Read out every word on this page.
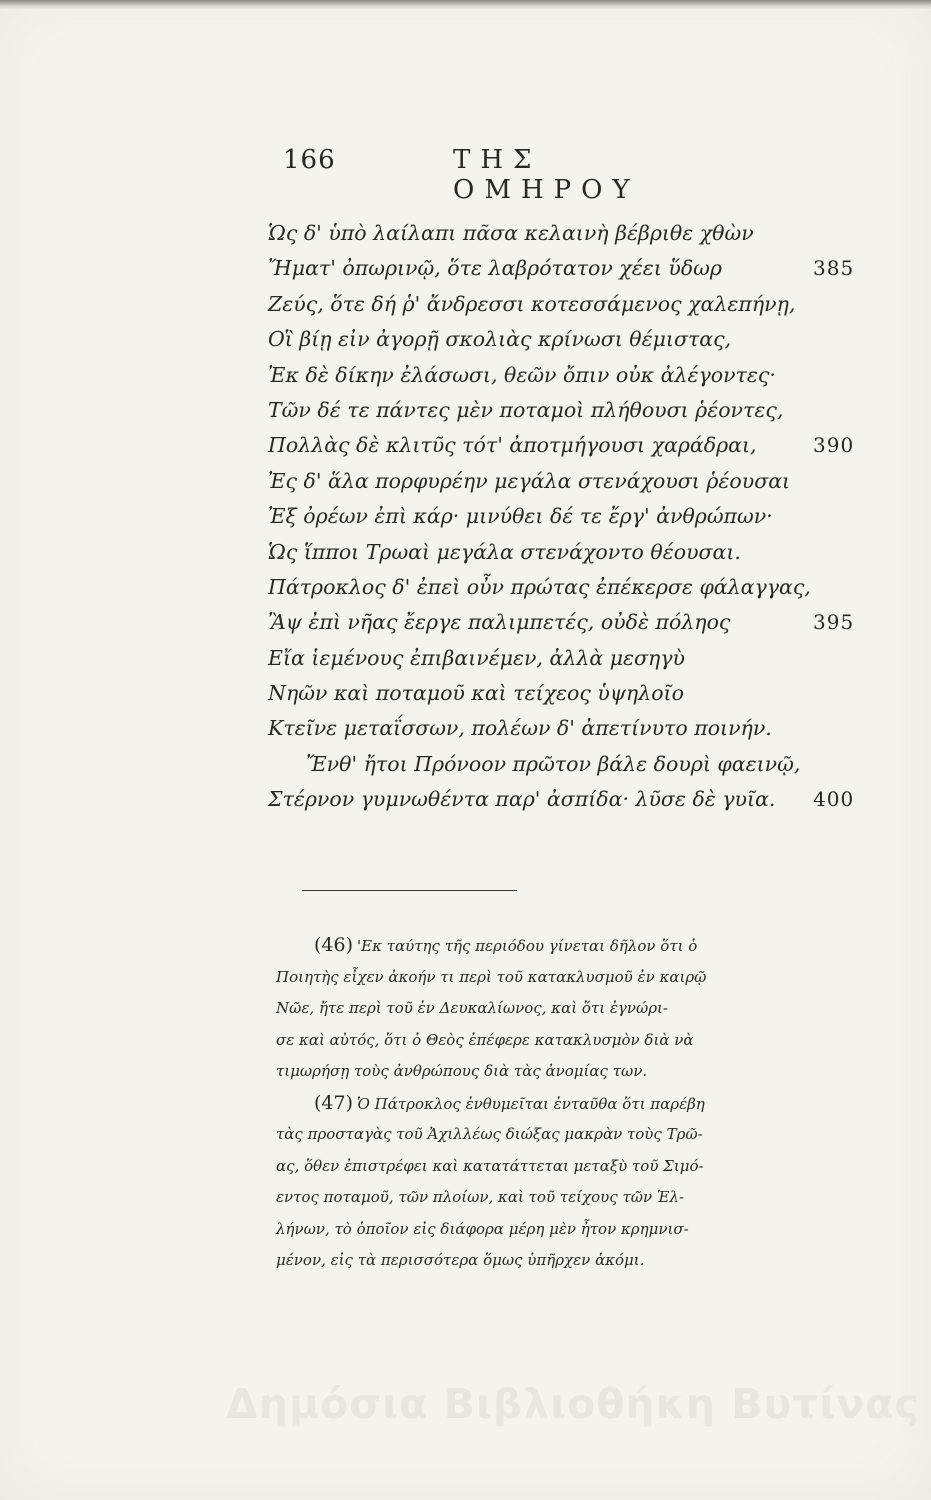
166	ΤΗΣ ΟΜΗΡΟΥ
Ὡς δ' ὑπὸ λαίλαπι πᾶσα κελαινὴ βέβριθε χθὼν
Ἤματ' ὀπωρινῷ, ὅτε λαβρότατον χέει ὕδωρ	385
Ζεύς, ὅτε δή ῥ' ἄνδρεσσι κοτεσσάμενος χαλεπήνῃ,
Οἳ βίῃ εἰν ἀγορῇ σκολιὰς κρίνωσι θέμιστας,
Ἐκ δὲ δίκην ἐλάσωσι, θεῶν ὄπιν οὐκ ἀλέγοντες·
Τῶν δέ τε πάντες μὲν ποταμοὶ πλήθουσι ῥέοντες,
Πολλὰς δὲ κλιτῦς τότ' ἀποτμήγουσι χαράδραι,	390
Ἐς δ' ἅλα πορφυρέην μεγάλα στενάχουσι ῥέουσαι
Ἐξ ὀρέων ἐπὶ κάρ· μινύθει δέ τε ἔργ' ἀνθρώπων·
Ὡς ἵπποι Τρωαὶ μεγάλα στενάχοντο θέουσαι.
Πάτροκλος δ' ἐπεὶ οὖν πρώτας ἐπέκερσε φάλαγγας,
Ἂψ ἐπὶ νῆας ἔεργε παλιμπετές, οὐδὲ πόληος	395
Εἴα ἱεμένους ἐπιβαινέμεν, ἀλλὰ μεσηγὺ
Νηῶν καὶ ποταμοῦ καὶ τείχεος ὑψηλοῖο
Κτεῖνε μεταΐσσων, πολέων δ' ἀπετίνυτο ποινήν.
Ἔνθ' ἤτοι Πρόνοον πρῶτον βάλε δουρὶ φαεινῷ,
Στέρνον γυμνωθέντα παρ' ἀσπίδα· λῦσε δὲ γυῖα. 400
(46) 'Εκ ταύτης τῆς περιόδου γίνεται δῆλον ὅτι ὁ
Ποιητὴς εἶχεν ἀκοήν τι περὶ τοῦ κατακλυσμοῦ ἐν καιρῷ
Νῶε, ἤτε περὶ τοῦ ἐν Δευκαλίωνος, καὶ ὅτι ἐγνώρι-
σε καὶ αὐτός, ὅτι ὁ Θεὸς ἐπέφερε κατακλυσμὸν διὰ νὰ
τιμωρήσῃ τοὺς ἀνθρώπους διὰ τὰς ἀνομίας των.
(47) Ὁ Πάτροκλος ἐνθυμεῖται ἐνταῦθα ὅτι παρέβη
τὰς προσταγὰς τοῦ Ἀχιλλέως διώξας μακρὰν τοὺς Τρῶ-
ας, ὅθεν ἐπιστρέφει καὶ κατατάττεται μεταξὺ τοῦ Σιμό-
εντος ποταμοῦ, τῶν πλοίων, καὶ τοῦ τείχους τῶν Ἑλ-
λήνων, τὸ ὁποῖον εἰς διάφορα μέρη μὲν ἦτον κρημνισ-
μένον, εἰς τὰ περισσότερα ὅμως ὑπῆρχεν ἀκόμι.
Δημόσια Βιβλιοθήκη Βυτίνας
